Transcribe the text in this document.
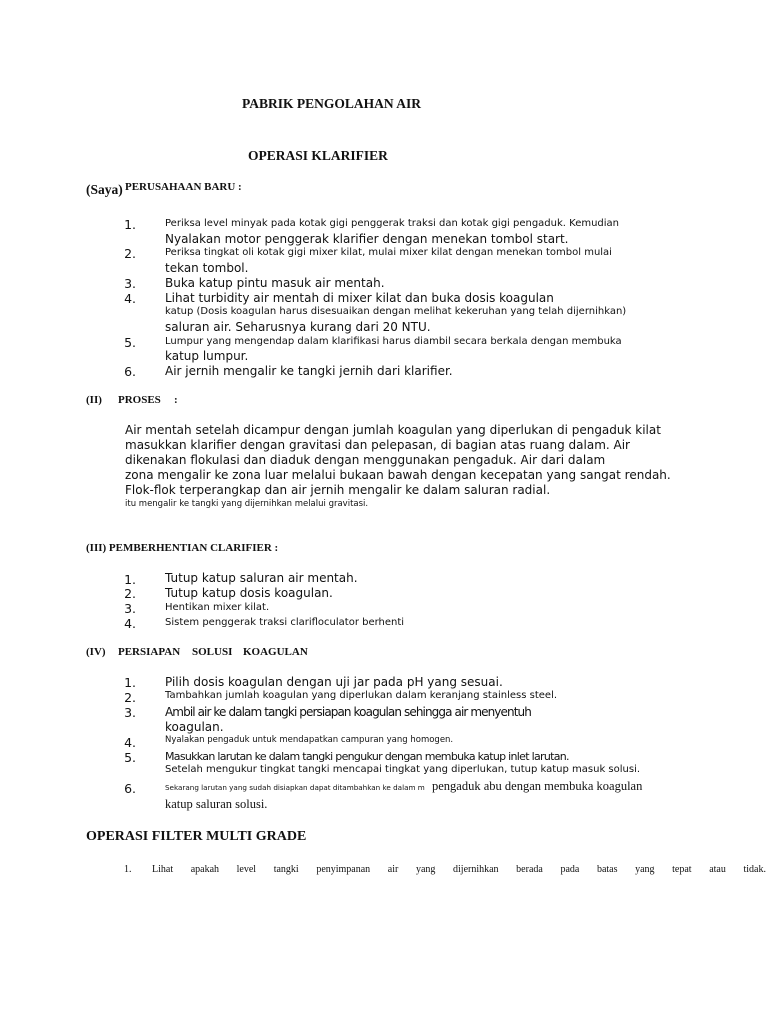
PABRIK PENGOLAHAN AIR
OPERASI KLARIFIER
(Saya) PERUSAHAAN BARU :
1.	Periksa level minyak pada kotak gigi penggerak traksi dan kotak gigi pengaduk. Kemudian
Nyalakan motor penggerak klarifier dengan menekan tombol start.
2.	Periksa tingkat oli kotak gigi mixer kilat, mulai mixer kilat dengan menekan tombol mulai
tekan tombol.
3. Buka katup pintu masuk air mentah.
4. Lihat turbidity air mentah di mixer kilat dan buka dosis koagulan
katup (Dosis koagulan harus disesuaikan dengan melihat kekeruhan yang telah dijernihkan)
saluran air. Seharusnya kurang dari 20 NTU.
5.	Lumpur yang mengendap dalam klarifikasi harus diambil secara berkala dengan membuka
katup lumpur.
6. Air jernih mengalir ke tangki jernih dari klarifier.
(II) PROSES :
Air mentah setelah dicampur dengan jumlah koagulan yang diperlukan di pengaduk kilat
masukkan klarifier dengan gravitasi dan pelepasan, di bagian atas ruang dalam. Air
dikenakan flokulasi dan diaduk dengan menggunakan pengaduk. Air dari dalam
zona mengalir ke zona luar melalui bukaan bawah dengan kecepatan yang sangat rendah.
Flok-flok terperangkap dan air jernih mengalir ke dalam saluran radial.
itu mengalir ke tangki yang dijernihkan melalui gravitasi.
(III) PEMBERHENTIAN CLARIFIER :
1. Tutup katup saluran air mentah.
2. Tutup katup dosis koagulan.
3.	Hentikan mixer kilat.
4.	Sistem penggerak traksi clarifloculator berhenti
(IV) PERSIAPAN SOLUSI KOAGULAN
1. Pilih dosis koagulan dengan uji jar pada pH yang sesuai.
2.	Tambahkan jumlah koagulan yang diperlukan dalam keranjang stainless steel.
3. Ambil air ke dalam tangki persiapan koagulan sehingga air menyentuh
koagulan.
4.	Nyalakan pengaduk untuk mendapatkan campuran yang homogen.
5.	Masukkan larutan ke dalam tangki pengukur dengan membuka katup inlet larutan.
Setelah mengukur tingkat tangki mencapai tingkat yang diperlukan, tutup katup masuk solusi.
6.	Sekarang larutan yang sudah disiapkan dapat ditambahkan ke dalam m pengaduk abu dengan membuka koagulan
katup saluran solusi.
OPERASI FILTER MULTI GRADE
1. Lihat apakah level tangki penyimpanan air yang dijernihkan berada pada batas yang tepat atau tidak.
